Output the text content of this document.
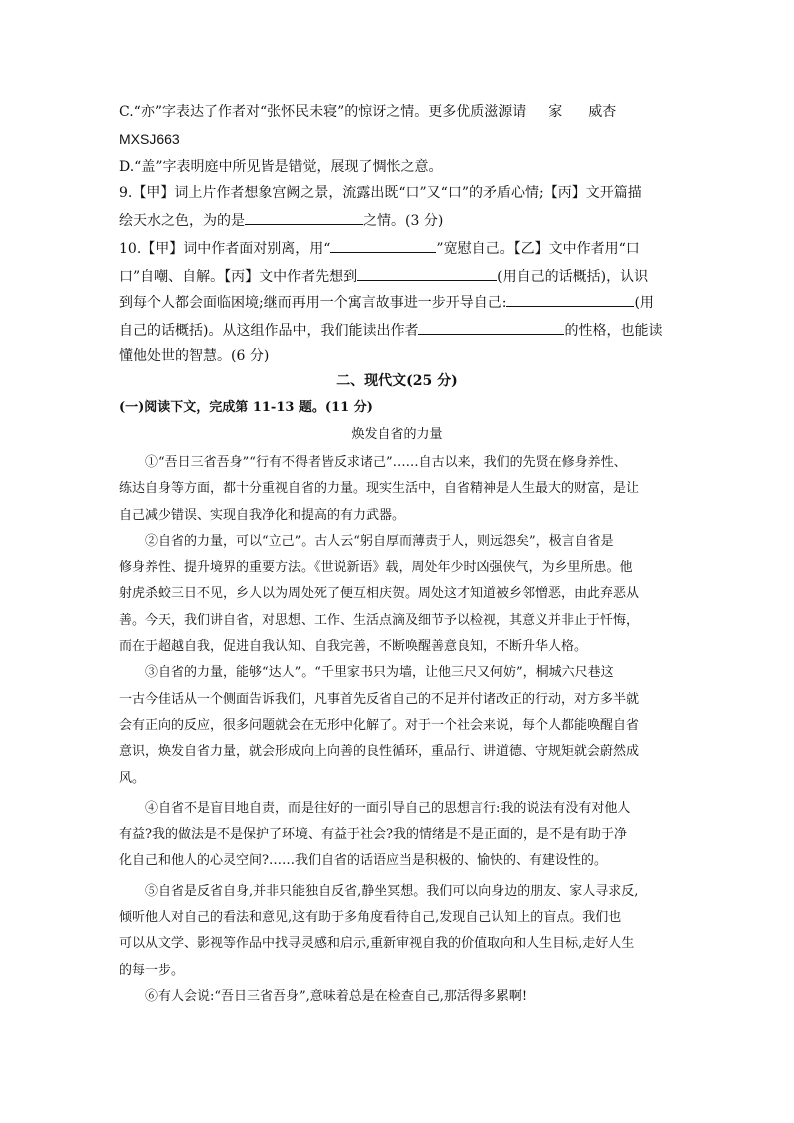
C.“亦”字表达了作者对“张怀民未寝”的惊讶之情。更多优质滋源请 家 威杏
MXSJ663
D.“盖”字表明庭中所见皆是错觉，展现了惆怅之意。
9.【甲】词上片作者想象宫阙之景，流露出既“口”又“口”的矛盾心情;【丙】文开篇描
绘天水之色，为的是	之情。(3 分)
10.【甲】词中作者面对别离，用“	”宽慰自己。【乙】文中作者用“口
口”自嘲、自解。【丙】文中作者先想到	(用自己的话概括)，认识
到每个人都会面临困境;继而再用一个寓言故事进一步开导自己:	(用
自己的话概括)。从这组作品中，我们能读出作者	的性格，也能读
懂他处世的智慧。(6 分)
二、现代文(25 分)
(一)阅读下文，完成第 11-13 题。(11 分)
焕发自省的力量
①“吾日三省吾身”“行有不得者皆反求诸己”……自古以来，我们的先贤在修身养性、
练达自身等方面，都十分重视自省的力量。现实生活中，自省精神是人生最大的财富，是让
自己减少错误、实现自我净化和提高的有力武器。
②自省的力量，可以“立己”。古人云“躬自厚而薄责于人，则远怨矣”，极言自省是
修身养性、提升境界的重要方法。《世说新语》载，周处年少时凶强侠气，为乡里所患。他
射虎杀蛟三日不见，乡人以为周处死了便互相庆贺。周处这才知道被乡邻憎恶，由此弃恶从
善。今天，我们讲自省，对思想、工作、生活点滴及细节予以检视，其意义并非止于忏悔，
而在于超越自我，促进自我认知、自我完善，不断唤醒善意良知，不断升华人格。
③自省的力量，能够“达人”。“千里家书只为墙，让他三尺又何妨”，桐城六尺巷这
一古今佳话从一个侧面告诉我们，凡事首先反省自己的不足并付诸改正的行动，对方多半就
会有正向的反应，很多问题就会在无形中化解了。对于一个社会来说，每个人都能唤醒自省
意识，焕发自省力量，就会形成向上向善的良性循环，重品行、讲道德、守规矩就会蔚然成
风。
④自省不是盲目地自责，而是往好的一面引导自己的思想言行:我的说法有没有对他人
有益?我的做法是不是保护了环境、有益于社会?我的情绪是不是正面的，是不是有助于净
化自己和他人的心灵空间?……我们自省的话语应当是积极的、愉快的、有建设性的。
⑤自省是反省自身,并非只能独自反省,静坐冥想。我们可以向身边的朋友、家人寻求反,
倾听他人对自己的看法和意见,这有助于多角度看待自己,发现自己认知上的盲点。我们也
可以从文学、影视等作品中找寻灵感和启示,重新审视自我的价值取向和人生目标,走好人生
的每一步。
⑥有人会说:“吾日三省吾身”,意味着总是在检查自己,那活得多累啊!
